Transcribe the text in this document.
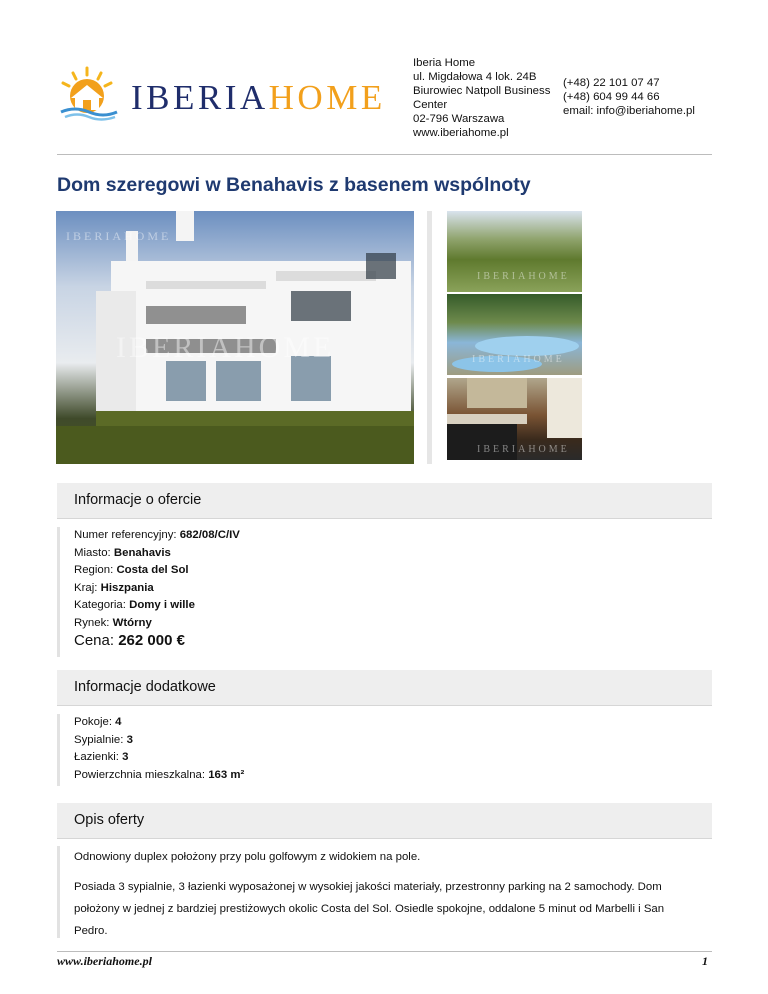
IBERIAHOME
Iberia Home
ul. Migdałowa 4 lok. 24B
Biurowiec Natpoll Business Center
02-796 Warszawa
www.iberiahome.pl
(+48) 22 101 07 47
(+48) 604 99 44 66
email: info@iberiahome.pl
Dom szeregowi w Benahavis z basenem wspólnoty
IBERIAHOME
IBERIAHOME
IBERIAHOME
IBERIAHOME
IBERIAHOME
Informacje o ofercie
Numer referencyjny: 682/08/C/IV
Miasto: Benahavis
Region: Costa del Sol
Kraj: Hiszpania
Kategoria: Domy i wille
Rynek: Wtórny
Cena: 262 000 €
Informacje dodatkowe
Pokoje: 4
Sypialnie: 3
Łazienki: 3
Powierzchnia mieszkalna: 163 m²
Opis oferty
Odnowiony duplex położony przy polu golfowym z widokiem na pole.
Posiada 3 sypialnie, 3 łazienki wyposażonej w wysokiej jakości materiały, przestronny parking na 2 samochody. Dom położony w jednej z bardziej prestiżowych okolic Costa del Sol. Osiedle spokojne, oddalone 5 minut od Marbelli i San Pedro.
www.iberiahome.pl	1
